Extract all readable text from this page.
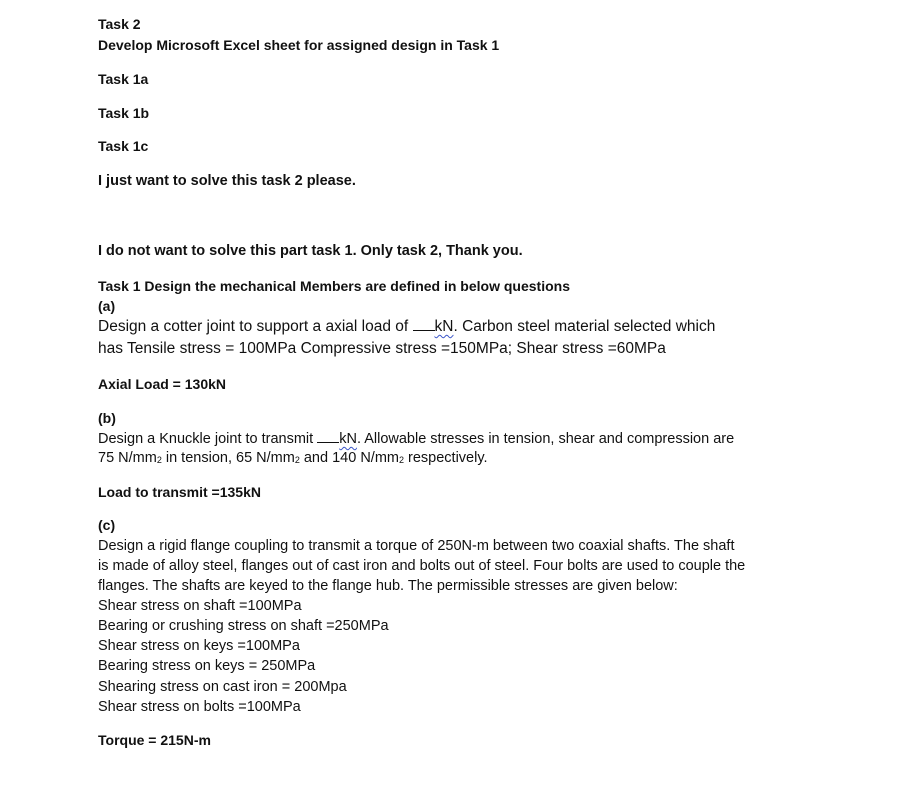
Task 2
Develop Microsoft Excel sheet for assigned design in Task 1
Task 1a
Task 1b
Task 1c
I just want to solve this task 2 please.
I do not want to solve this part task 1. Only task 2, Thank you.
Task 1 Design the mechanical Members are defined in below questions
(a)
Design a cotter joint to support a axial load of kN. Carbon steel material selected which
has Tensile stress = 100MPa Compressive stress =150MPa; Shear stress =60MPa
Axial Load = 130kN
(b)
Design a Knuckle joint to transmit kN. Allowable stresses in tension, shear and compression are
75 N/mm2 in tension, 65 N/mm2 and 140 N/mm2 respectively.
Load to transmit =135kN
(c)
Design a rigid flange coupling to transmit a torque of 250N-m between two coaxial shafts. The shaft
is made of alloy steel, flanges out of cast iron and bolts out of steel. Four bolts are used to couple the
flanges. The shafts are keyed to the flange hub. The permissible stresses are given below:
Shear stress on shaft =100MPa
Bearing or crushing stress on shaft =250MPa
Shear stress on keys =100MPa
Bearing stress on keys = 250MPa
Shearing stress on cast iron = 200Mpa
Shear stress on bolts =100MPa
Torque = 215N-m
